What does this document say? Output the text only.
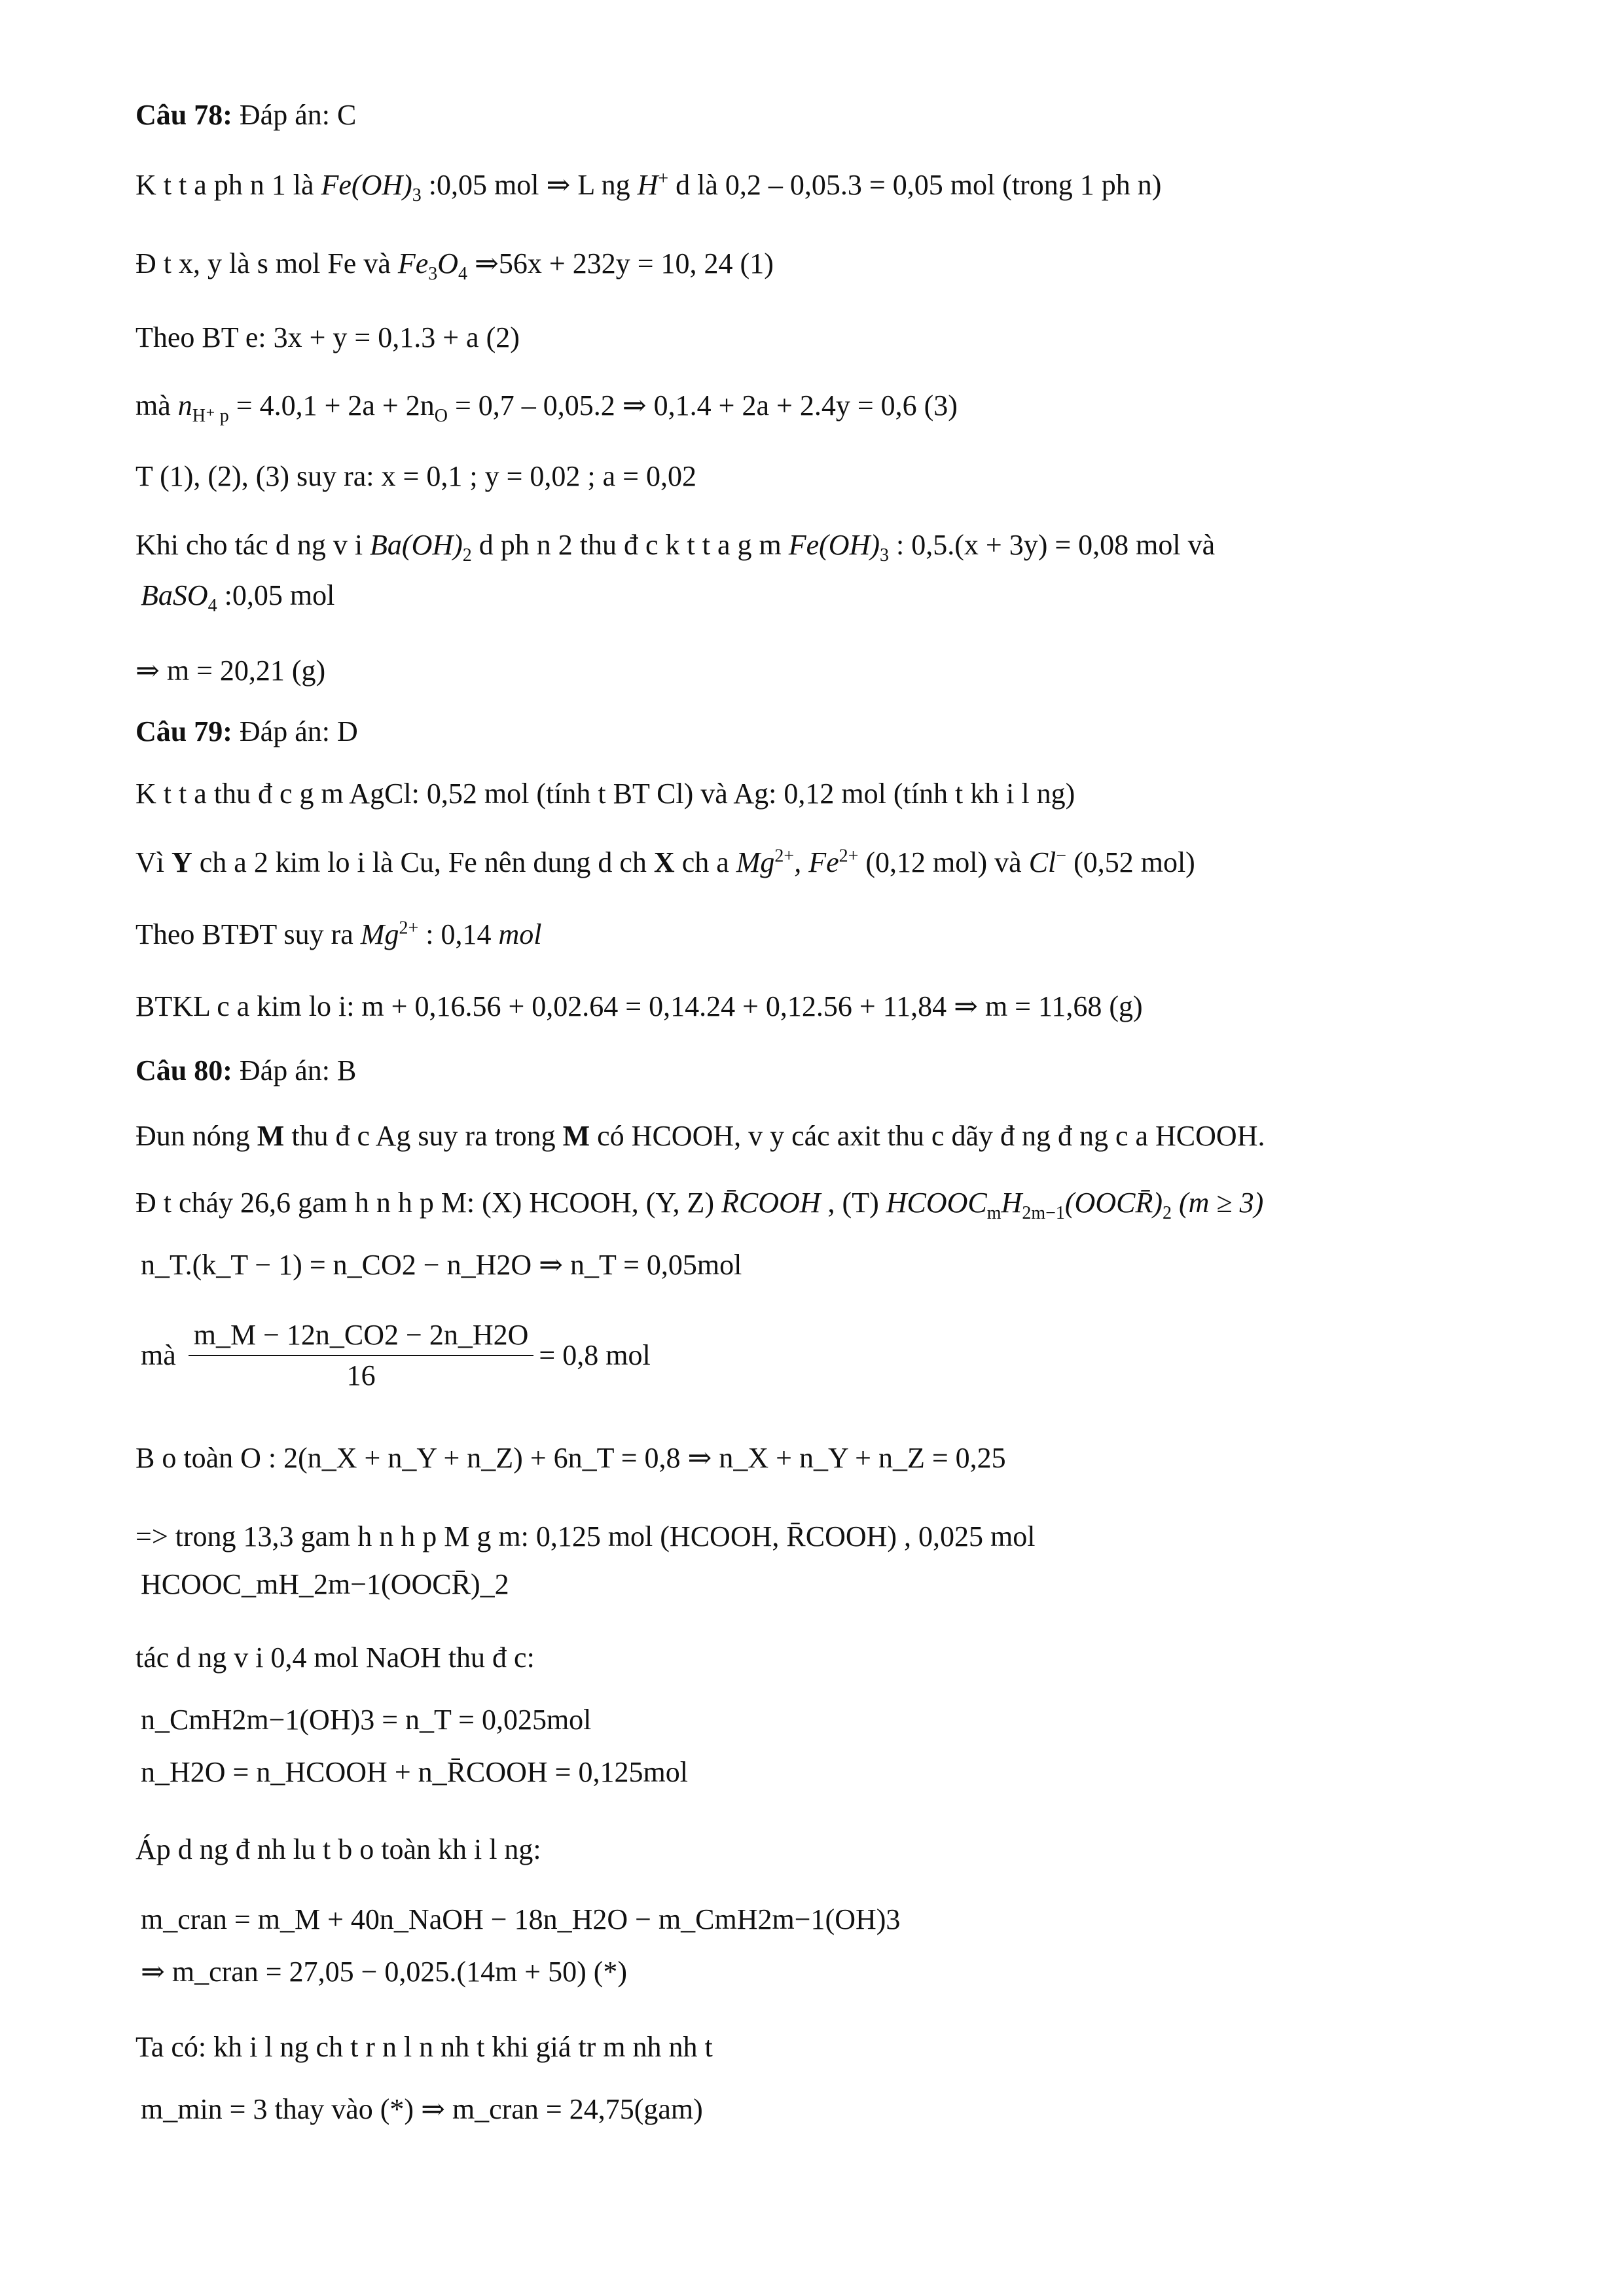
Câu 78: Đáp án: C
K t t a ph n 1 là $Fe(OH)_3$ :0,05 mol ⇒ L ng H+ d là 0,2 – 0,05.3 = 0,05 mol (trong 1 ph n)
Đ t x, y là s mol Fe và $Fe_3O_4$ ⇒56x + 232y = 10, 24 (1)
Theo BT e: 3x + y = 0,1.3 + a (2)
mà $n_{H^+ p} = 4.0,1 + 2a + 2n_O = 0,7 - 0,05.2$ ⇒ 0,1.4 + 2a + 2.4y = 0,6 (3)
T (1), (2), (3) suy ra: x = 0,1 ; y = 0,02 ; a = 0,02
Khi cho tác d ng v i $Ba(OH)_2$ d ph n 2 thu đ c k t t a g m $Fe(OH)_3$ : 0,5.(x + 3y) = 0,08 mol và
BaSO$_4$ :0,05 mol
⇒ m = 20,21 (g)
Câu 79: Đáp án: D
K t t a thu đ c g m AgCl: 0,52 mol (tính t BT Cl) và Ag: 0,12 mol (tính t kh i l ng)
Vì Y ch a 2 kim lo i là Cu, Fe nên dung d ch X ch a $Mg^{2+}$, $Fe^{2+}$ (0,12 mol) và Cl− (0,52 mol)
Theo BTĐT suy ra $Mg^{2+}$ : 0,14 mol
BTKL c a kim lo i: m + 0,16.56 + 0,02.64 = 0,14.24 + 0,12.56 + 11,84 ⇒ m = 11,68 (g)
Câu 80: Đáp án: B
Đun nóng M thu đ c Ag suy ra trong M có HCOOH, v y các axit thu c dãy đ ng đ ng c a HCOOH.
Đ t cháy 26,6 gam h n h p M: (X) HCOOH, (Y, Z) R̄COOH , (T) $HCOOC_mH_{2m-1}(OOCR̄)_2$ (m ≥ 3)
n_T.(k_T − 1) = n_CO2 − n_H2O ⇒ n_T = 0,05mol
mà $\frac{m\_M - 12n\_CO2 - 2n\_H2O}{16} = 0,8$ mol
B o toàn O : 2(n_X + n_Y + n_Z) + 6n_T = 0,8 ⇒ n_X + n_Y + n_Z = 0,25
=> trong 13,3 gam h n h p M g m: 0,125 mol (HCOOH, R̄COOH) , 0,025 mol
HCOOC_mH_2m−1(OOCR̄)_2
tác d ng v i 0,4 mol NaOH thu đ c:
n_CmH2m−1(OH)3 = n_T = 0,025mol
n_H2O = n_HCOOH + n_R̄COOH = 0,125mol
Áp d ng đ nh lu t b o toàn kh i l ng:
m_cran = m_M + 40n_NaOH − 18n_H2O − m_CmH2m−1(OH)3
⇒ m_cran = 27,05 − 0,025.(14m + 50) (*)
Ta có: kh i l ng ch t r n l n nh t khi giá tr m nh nh t
m_min = 3 thay vào (*) ⇒ m_cran = 24,75(gam)
